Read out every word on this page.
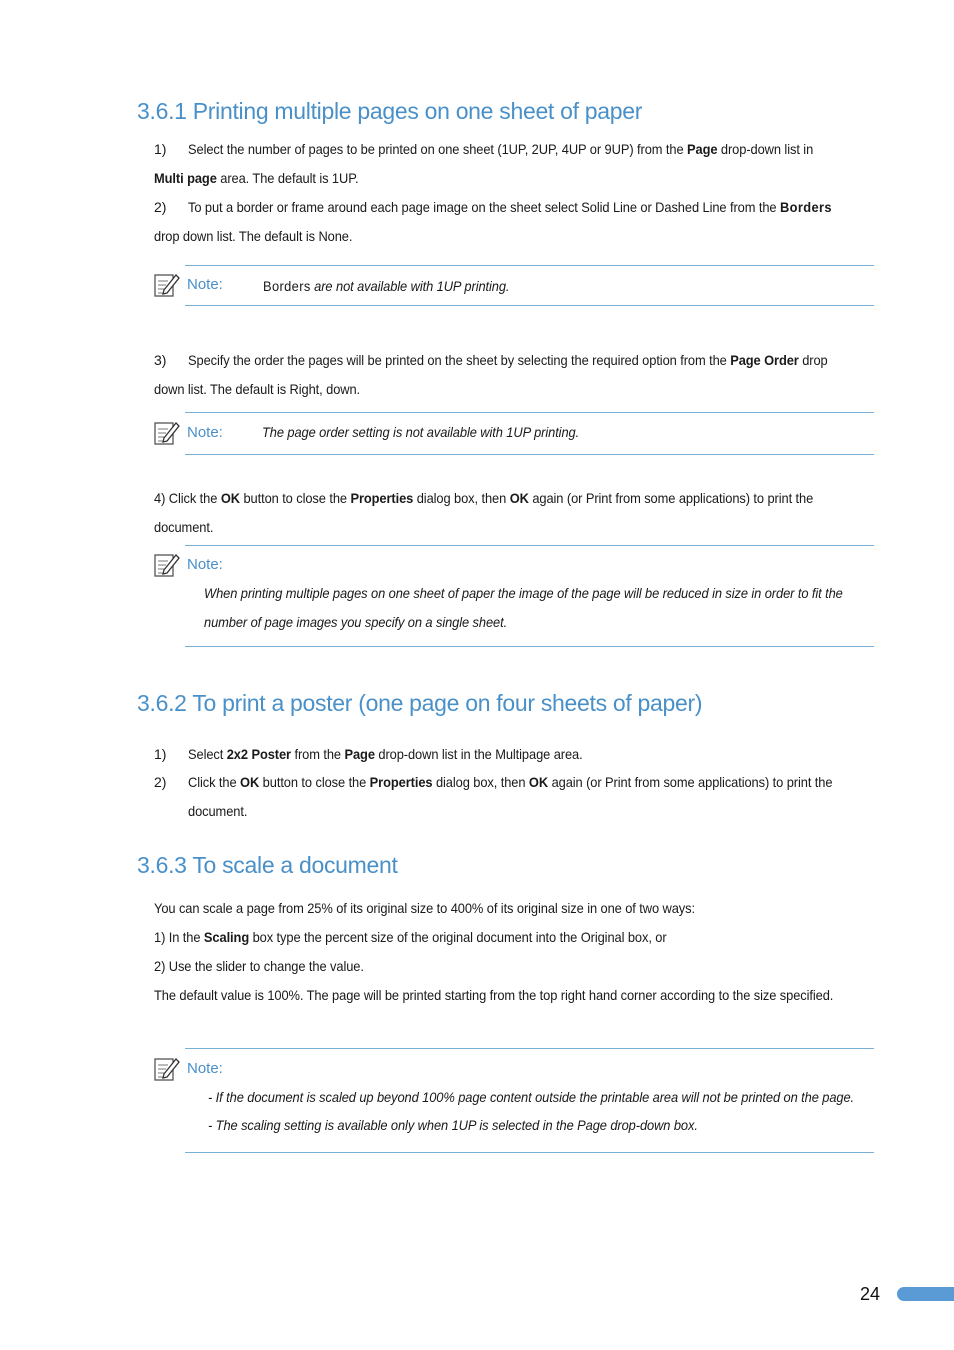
3.6.1 Printing multiple pages on one sheet of paper
1) Select the number of pages to be printed on one sheet (1UP, 2UP, 4UP or 9UP) from the Page drop-down list in
Multi page area. The default is 1UP.
2) To put a border or frame around each page image on the sheet select Solid Line or Dashed Line from the Borders
drop down list. The default is None.
Note:	Borders are not available with 1UP printing.
3) Specify the order the pages will be printed on the sheet by selecting the required option from the Page Order drop
down list. The default is Right, down.
Note:	The page order setting is not available with 1UP printing.
4) Click the OK button to close the Properties dialog box, then OK again (or Print from some applications) to print the
document.
Note:
When printing multiple pages on one sheet of paper the image of the page will be reduced in size in order to fit the
number of page images you specify on a single sheet.
3.6.2 To print a poster (one page on four sheets of paper)
1) Select 2x2 Poster from the Page drop-down list in the Multipage area.
2) Click the OK button to close the Properties dialog box, then OK again (or Print from some applications) to print the
document.
3.6.3 To scale a document
You can scale a page from 25% of its original size to 400% of its original size in one of two ways:
1) In the Scaling box type the percent size of the original document into the Original box, or
2) Use the slider to change the value.
The default value is 100%. The page will be printed starting from the top right hand corner according to the size specified.
Note:
- If the document is scaled up beyond 100% page content outside the printable area will not be printed on the page.
- The scaling setting is available only when 1UP is selected in the Page drop-down box.
24
